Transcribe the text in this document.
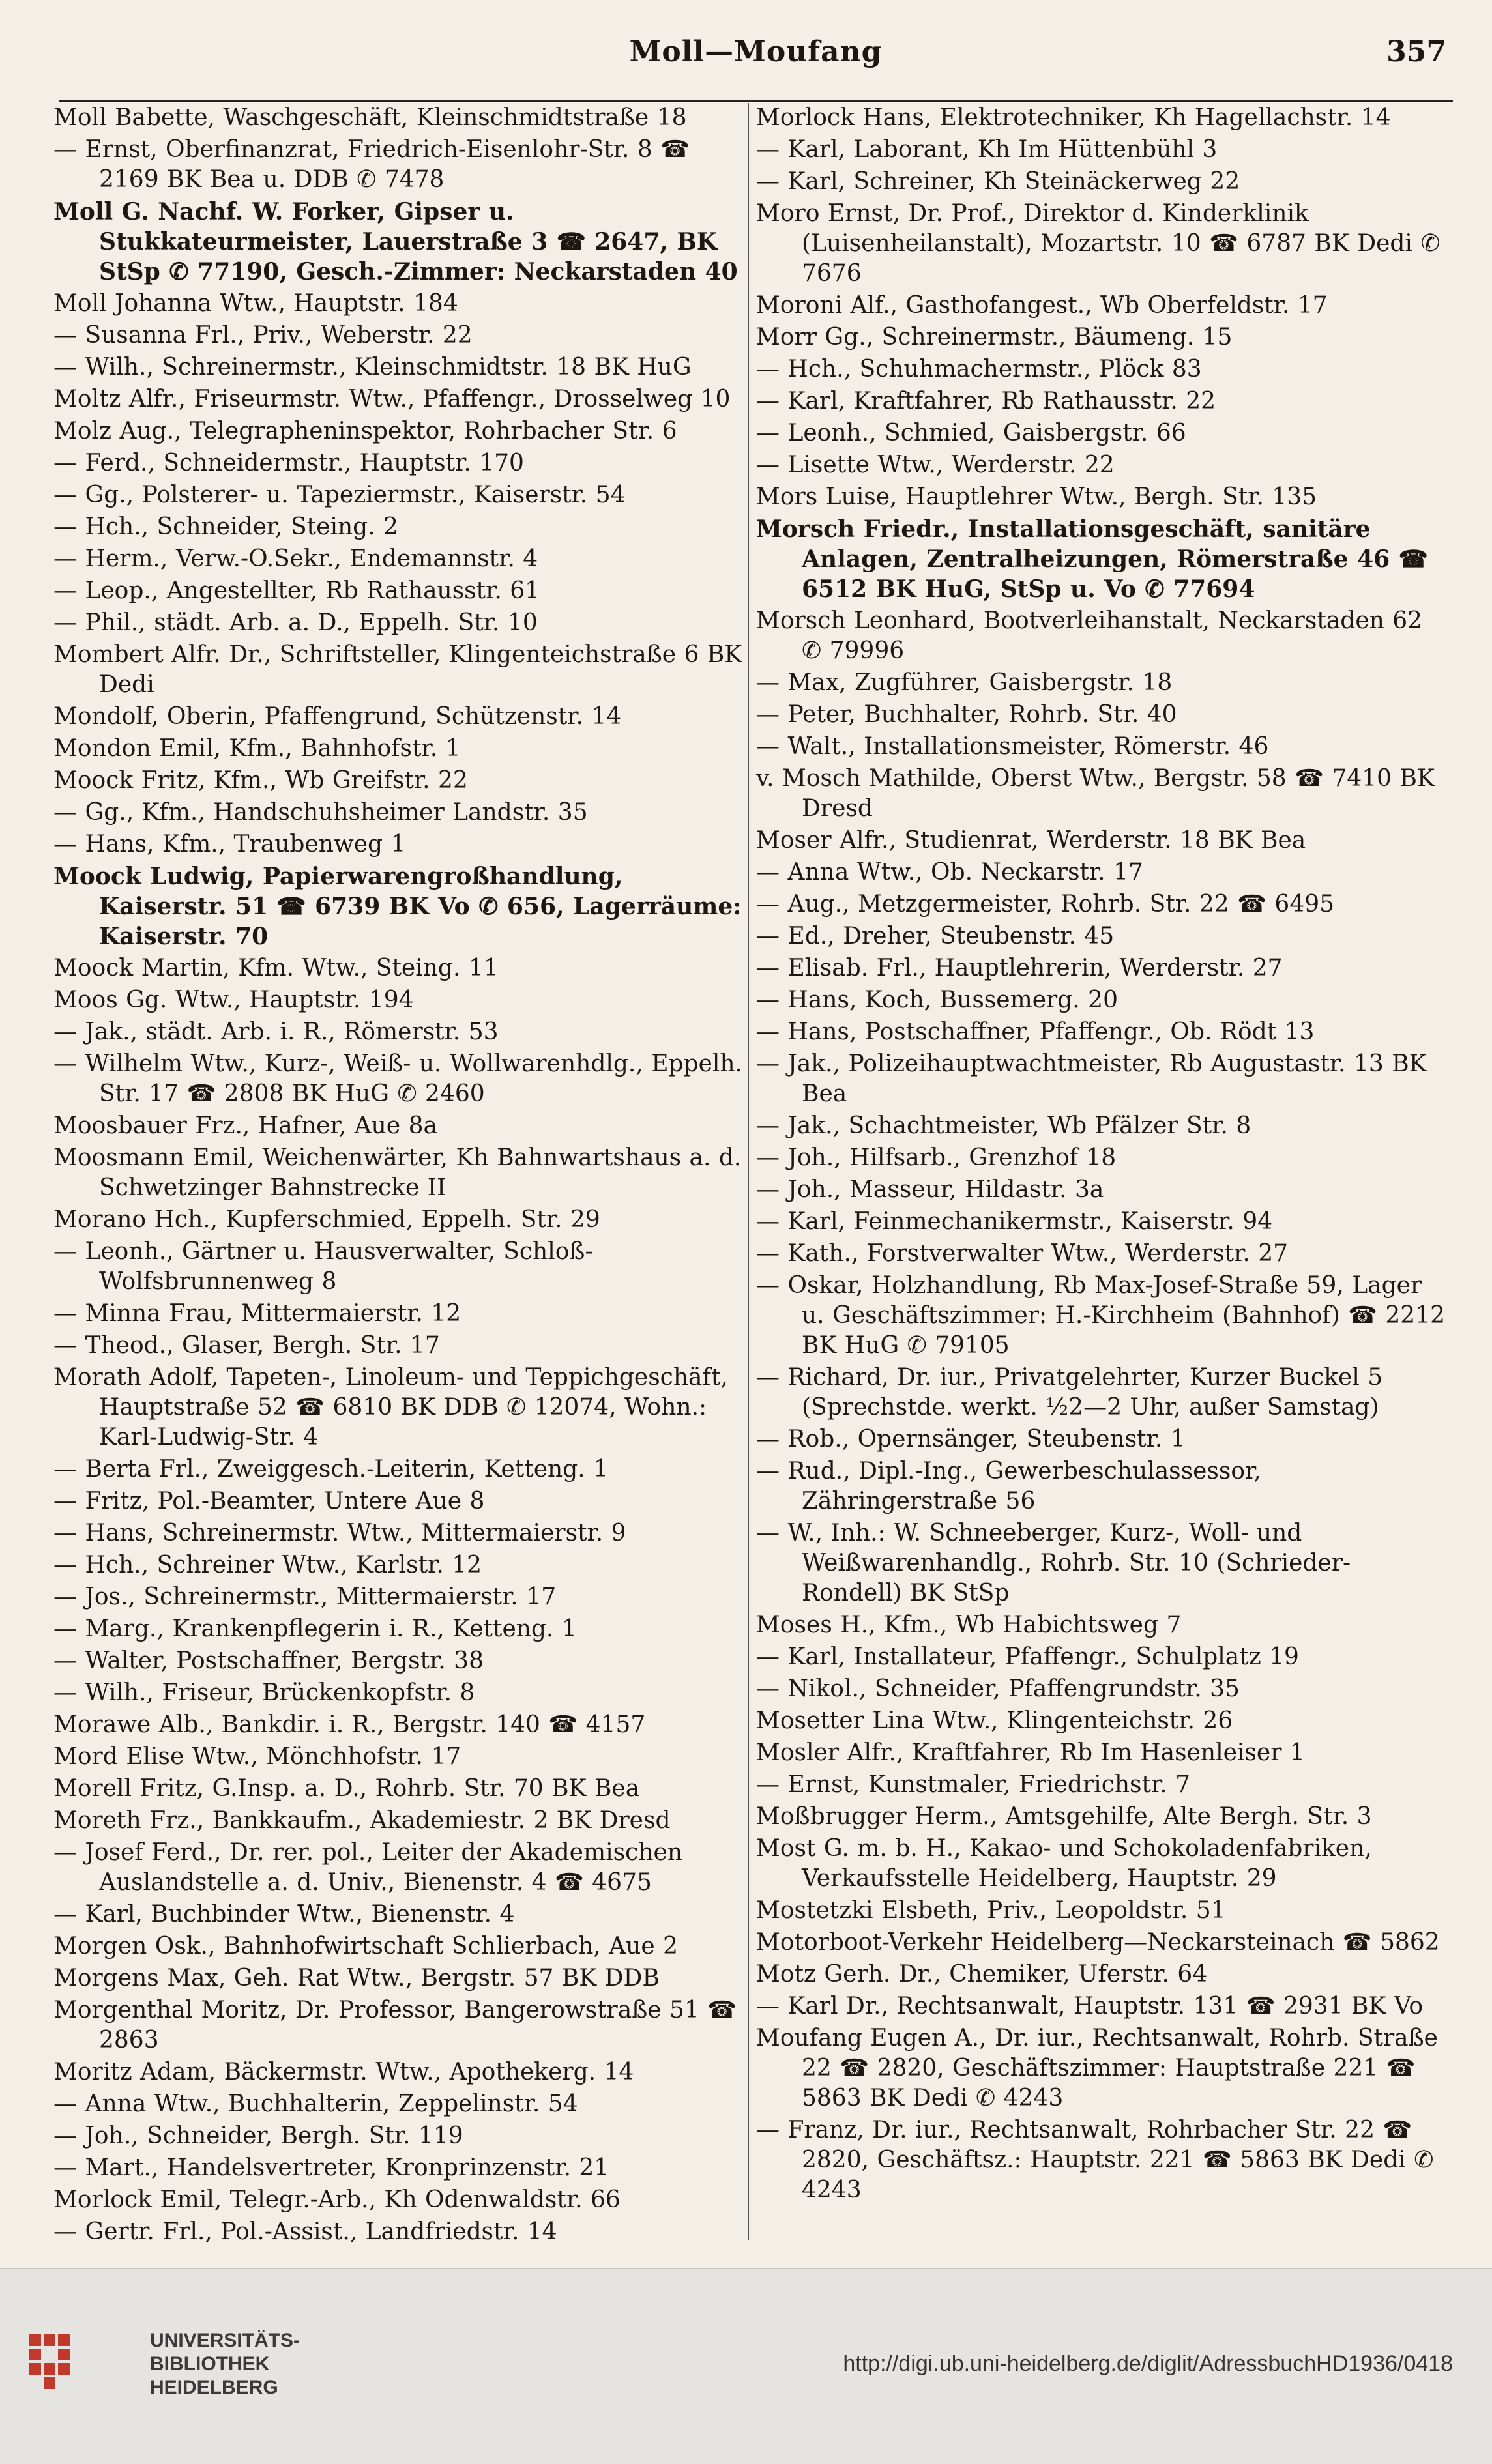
Moll—Moufang	357

Moll Babette, Waschgeschäft, Kleinschmidtstraße 18

— Ernst, Oberfinanzrat, Friedrich-Eisenlohr-Str. 8 ☎ 2169 BK Bea u. DDB ✆ 7478

Moll G. Nachf. W. Forker, Gipser u. Stukkateurmeister, Lauerstraße 3 ☎ 2647, BK StSp ✆ 77190, Gesch.-Zimmer: Neckarstaden 40

Moll Johanna Wtw., Hauptstr. 184

— Susanna Frl., Priv., Weberstr. 22

— Wilh., Schreinermstr., Kleinschmidtstr. 18 BK HuG

Moltz Alfr., Friseurmstr. Wtw., Pfaffengr., Drosselweg 10

Molz Aug., Telegrapheninspektor, Rohrbacher Str. 6

— Ferd., Schneidermstr., Hauptstr. 170

— Gg., Polsterer- u. Tapeziermstr., Kaiserstr. 54

— Hch., Schneider, Steing. 2

— Herm., Verw.-O.Sekr., Endemannstr. 4

— Leop., Angestellter, Rb Rathausstr. 61

— Phil., städt. Arb. a. D., Eppelh. Str. 10

Mombert Alfr. Dr., Schriftsteller, Klingenteichstraße 6 BK Dedi

Mondolf, Oberin, Pfaffengrund, Schützenstr. 14

Mondon Emil, Kfm., Bahnhofstr. 1

Moock Fritz, Kfm., Wb Greifstr. 22

— Gg., Kfm., Handschuhsheimer Landstr. 35

— Hans, Kfm., Traubenweg 1

Moock Ludwig, Papierwarengroßhandlung, Kaiserstr. 51 ☎ 6739 BK Vo ✆ 656, Lagerräume: Kaiserstr. 70

Moock Martin, Kfm. Wtw., Steing. 11

Moos Gg. Wtw., Hauptstr. 194

— Jak., städt. Arb. i. R., Römerstr. 53

— Wilhelm Wtw., Kurz-, Weiß- u. Wollwarenhdlg., Eppelh. Str. 17 ☎ 2808 BK HuG ✆ 2460

Moosbauer Frz., Hafner, Aue 8a

Moosmann Emil, Weichenwärter, Kh Bahnwartshaus a. d. Schwetzinger Bahnstrecke II

Morano Hch., Kupferschmied, Eppelh. Str. 29

— Leonh., Gärtner u. Hausverwalter, Schloß-Wolfsbrunnenweg 8

— Minna Frau, Mittermaierstr. 12

— Theod., Glaser, Bergh. Str. 17

Morath Adolf, Tapeten-, Linoleum- und Teppichgeschäft, Hauptstraße 52 ☎ 6810 BK DDB ✆ 12074, Wohn.: Karl-Ludwig-Str. 4

— Berta Frl., Zweiggesch.-Leiterin, Ketteng. 1

— Fritz, Pol.-Beamter, Untere Aue 8

— Hans, Schreinermstr. Wtw., Mittermaierstr. 9

— Hch., Schreiner Wtw., Karlstr. 12

— Jos., Schreinermstr., Mittermaierstr. 17

— Marg., Krankenpflegerin i. R., Ketteng. 1

— Walter, Postschaffner, Bergstr. 38

— Wilh., Friseur, Brückenkopfstr. 8

Morawe Alb., Bankdir. i. R., Bergstr. 140 ☎ 4157

Mord Elise Wtw., Mönchhofstr. 17

Morell Fritz, G.Insp. a. D., Rohrb. Str. 70 BK Bea

Moreth Frz., Bankkaufm., Akademiestr. 2 BK Dresd

— Josef Ferd., Dr. rer. pol., Leiter der Akademischen Auslandstelle a. d. Univ., Bienenstr. 4 ☎ 4675

— Karl, Buchbinder Wtw., Bienenstr. 4

Morgen Osk., Bahnhofwirtschaft Schlierbach, Aue 2

Morgens Max, Geh. Rat Wtw., Bergstr. 57 BK DDB

Morgenthal Moritz, Dr. Professor, Bangerowstraße 51 ☎ 2863

Moritz Adam, Bäckermstr. Wtw., Apothekerg. 14

— Anna Wtw., Buchhalterin, Zeppelinstr. 54

— Joh., Schneider, Bergh. Str. 119

— Mart., Handelsvertreter, Kronprinzenstr. 21

Morlock Emil, Telegr.-Arb., Kh Odenwaldstr. 66

— Gertr. Frl., Pol.-Assist., Landfriedstr. 14

Morlock Hans, Elektrotechniker, Kh Hagellachstr. 14

— Karl, Laborant, Kh Im Hüttenbühl 3

— Karl, Schreiner, Kh Steinäckerweg 22

Moro Ernst, Dr. Prof., Direktor d. Kinderklinik (Luisenheilanstalt), Mozartstr. 10 ☎ 6787 BK Dedi ✆ 7676

Moroni Alf., Gasthofangest., Wb Oberfeldstr. 17

Morr Gg., Schreinermstr., Bäumeng. 15

— Hch., Schuhmachermstr., Plöck 83

— Karl, Kraftfahrer, Rb Rathausstr. 22

— Leonh., Schmied, Gaisbergstr. 66

— Lisette Wtw., Werderstr. 22

Mors Luise, Hauptlehrer Wtw., Bergh. Str. 135

Morsch Friedr., Installationsgeschäft, sanitäre Anlagen, Zentralheizungen, Römerstraße 46 ☎ 6512 BK HuG, StSp u. Vo ✆ 77694

Morsch Leonhard, Bootverleihanstalt, Neckarstaden 62 ✆ 79996

— Max, Zugführer, Gaisbergstr. 18

— Peter, Buchhalter, Rohrb. Str. 40

— Walt., Installationsmeister, Römerstr. 46

v. Mosch Mathilde, Oberst Wtw., Bergstr. 58 ☎ 7410 BK Dresd

Moser Alfr., Studienrat, Werderstr. 18 BK Bea

— Anna Wtw., Ob. Neckarstr. 17

— Aug., Metzgermeister, Rohrb. Str. 22 ☎ 6495

— Ed., Dreher, Steubenstr. 45

— Elisab. Frl., Hauptlehrerin, Werderstr. 27

— Hans, Koch, Bussemerg. 20

— Hans, Postschaffner, Pfaffengr., Ob. Rödt 13

— Jak., Polizeihauptwachtmeister, Rb Augustastr. 13 BK Bea

— Jak., Schachtmeister, Wb Pfälzer Str. 8

— Joh., Hilfsarb., Grenzhof 18

— Joh., Masseur, Hildastr. 3a

— Karl, Feinmechanikermstr., Kaiserstr. 94

— Kath., Forstverwalter Wtw., Werderstr. 27

— Oskar, Holzhandlung, Rb Max-Josef-Straße 59, Lager u. Geschäftszimmer: H.-Kirchheim (Bahnhof) ☎ 2212 BK HuG ✆ 79105

— Richard, Dr. iur., Privatgelehrter, Kurzer Buckel 5 (Sprechstde. werkt. ½2—2 Uhr, außer Samstag)

— Rob., Opernsänger, Steubenstr. 1

— Rud., Dipl.-Ing., Gewerbeschulassessor, Zähringerstraße 56

— W., Inh.: W. Schneeberger, Kurz-, Woll- und Weißwarenhandlg., Rohrb. Str. 10 (Schrieder-Rondell) BK StSp

Moses H., Kfm., Wb Habichtsweg 7

— Karl, Installateur, Pfaffengr., Schulplatz 19

— Nikol., Schneider, Pfaffengrundstr. 35

Mosetter Lina Wtw., Klingenteichstr. 26

Mosler Alfr., Kraftfahrer, Rb Im Hasenleiser 1

— Ernst, Kunstmaler, Friedrichstr. 7

Moßbrugger Herm., Amtsgehilfe, Alte Bergh. Str. 3

Most G. m. b. H., Kakao- und Schokoladenfabriken, Verkaufsstelle Heidelberg, Hauptstr. 29

Mostetzki Elsbeth, Priv., Leopoldstr. 51

Motorboot-Verkehr Heidelberg—Neckarsteinach ☎ 5862

Motz Gerh. Dr., Chemiker, Uferstr. 64

— Karl Dr., Rechtsanwalt, Hauptstr. 131 ☎ 2931 BK Vo

Moufang Eugen A., Dr. iur., Rechtsanwalt, Rohrb. Straße 22 ☎ 2820, Geschäftszimmer: Hauptstraße 221 ☎ 5863 BK Dedi ✆ 4243

— Franz, Dr. iur., Rechtsanwalt, Rohrbacher Str. 22 ☎ 2820, Geschäftsz.: Hauptstr. 221 ☎ 5863 BK Dedi ✆ 4243

UNIVERSITÄTS-
BIBLIOTHEK
HEIDELBERG
http://digi.ub.uni-heidelberg.de/diglit/AdressbuchHD1936/0418
